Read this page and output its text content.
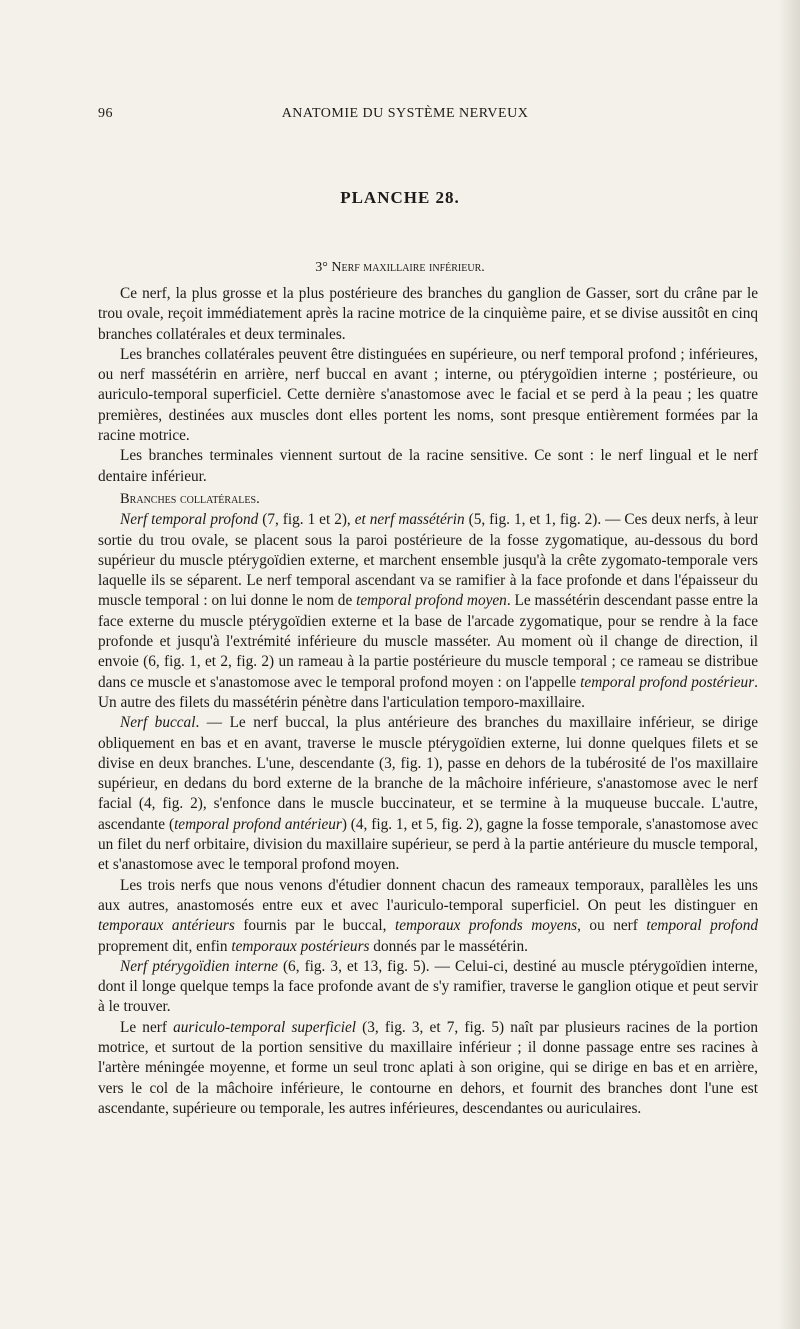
96	ANATOMIE DU SYSTÈME NERVEUX
PLANCHE 28.
3° Nerf maxillaire inférieur.

Ce nerf, la plus grosse et la plus postérieure des branches du ganglion de Gasser, sort du crâne par le trou ovale, reçoit immédiatement après la racine motrice de la cinquième paire, et se divise aussitôt en cinq branches collatérales et deux terminales.

Les branches collatérales peuvent être distinguées en supérieure, ou nerf temporal profond ; inférieures, ou nerf massétérin en arrière, nerf buccal en avant ; interne, ou ptérygoïdien interne ; postérieure, ou auriculo-temporal superficiel. Cette dernière s'anastomose avec le facial et se perd à la peau ; les quatre premières, destinées aux muscles dont elles portent les noms, sont presque entièrement formées par la racine motrice.

Les branches terminales viennent surtout de la racine sensitive. Ce sont : le nerf lingual et le nerf dentaire inférieur.

Branches collatérales.

Nerf temporal profond (7, fig. 1 et 2), et nerf massétérin (5, fig. 1, et 1, fig. 2). — Ces deux nerfs, à leur sortie du trou ovale, se placent sous la paroi postérieure de la fosse zygomatique, au-dessous du bord supérieur du muscle ptérygoïdien externe, et marchent ensemble jusqu'à la crête zygomato-temporale vers laquelle ils se séparent. Le nerf temporal ascendant va se ramifier à la face profonde et dans l'épaisseur du muscle temporal : on lui donne le nom de temporal profond moyen. Le massétérin descendant passe entre la face externe du muscle ptérygoïdien externe et la base de l'arcade zygomatique, pour se rendre à la face profonde et jusqu'à l'extrémité inférieure du muscle masséter. Au moment où il change de direction, il envoie (6, fig. 1, et 2, fig. 2) un rameau à la partie postérieure du muscle temporal ; ce rameau se distribue dans ce muscle et s'anastomose avec le temporal profond moyen : on l'appelle temporal profond postérieur. Un autre des filets du massétérin pénètre dans l'articulation temporo-maxillaire.

Nerf buccal. — Le nerf buccal, la plus antérieure des branches du maxillaire inférieur, se dirige obliquement en bas et en avant, traverse le muscle ptérygoïdien externe, lui donne quelques filets et se divise en deux branches. L'une, descendante (3, fig. 1), passe en dehors de la tubérosité de l'os maxillaire supérieur, en dedans du bord externe de la branche de la mâchoire inférieure, s'anastomose avec le nerf facial (4, fig. 2), s'enfonce dans le muscle buccinateur, et se termine à la muqueuse buccale. L'autre, ascendante (temporal profond antérieur) (4, fig. 1, et 5, fig. 2), gagne la fosse temporale, s'anastomose avec un filet du nerf orbitaire, division du maxillaire supérieur, se perd à la partie antérieure du muscle temporal, et s'anastomose avec le temporal profond moyen.

Les trois nerfs que nous venons d'étudier donnent chacun des rameaux temporaux, parallèles les uns aux autres, anastomosés entre eux et avec l'auriculo-temporal superficiel. On peut les distinguer en temporaux antérieurs fournis par le buccal, temporaux profonds moyens, ou nerf temporal profond proprement dit, enfin temporaux postérieurs donnés par le massétérin.

Nerf ptérygoïdien interne (6, fig. 3, et 13, fig. 5). — Celui-ci, destiné au muscle ptérygoïdien interne, dont il longe quelque temps la face profonde avant de s'y ramifier, traverse le ganglion otique et peut servir à le trouver.

Le nerf auriculo-temporal superficiel (3, fig. 3, et 7, fig. 5) naît par plusieurs racines de la portion motrice, et surtout de la portion sensitive du maxillaire inférieur ; il donne passage entre ses racines à l'artère méningée moyenne, et forme un seul tronc aplati à son origine, qui se dirige en bas et en arrière, vers le col de la mâchoire inférieure, le contourne en dehors, et fournit des branches dont l'une est ascendante, supérieure ou temporale, les autres inférieures, descendantes ou auriculaires.
